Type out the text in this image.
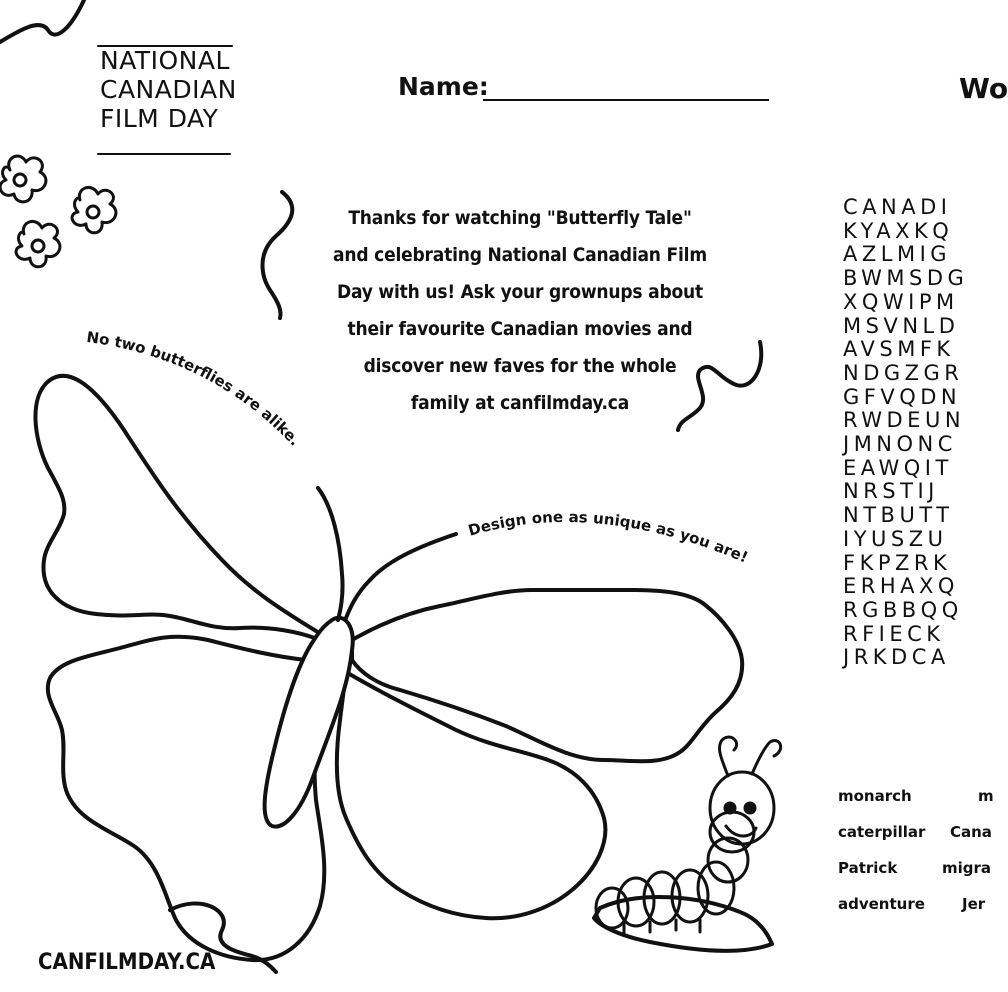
No two butterflies are alike.
Design one as unique as you are!
NATIONAL
CANADIAN
FILM DAY
Name:	Wo
Thanks for watching "Butterfly Tale"
and celebrating National Canadian Film
Day with us! Ask your grownups about
their favourite Canadian movies and
discover new faves for the whole
family at canfilmday.ca
CANADI
KYAXKQ
AZLMIG
BWMSDG
XQWIPM
MSVNLD
AVSMFK
NDGZGR
GFVQDN
RWDEUN
JMNONC
EAWQIT
NRSTIJ
NTBUTT
IYUSZU
FKPZRK
ERHAXQ
RGBBQQ
RFIECK
JRKDCA
monarch	m
caterpillar Cana
Patrick	migra
adventure Jer
CANFILMDAY.CA
